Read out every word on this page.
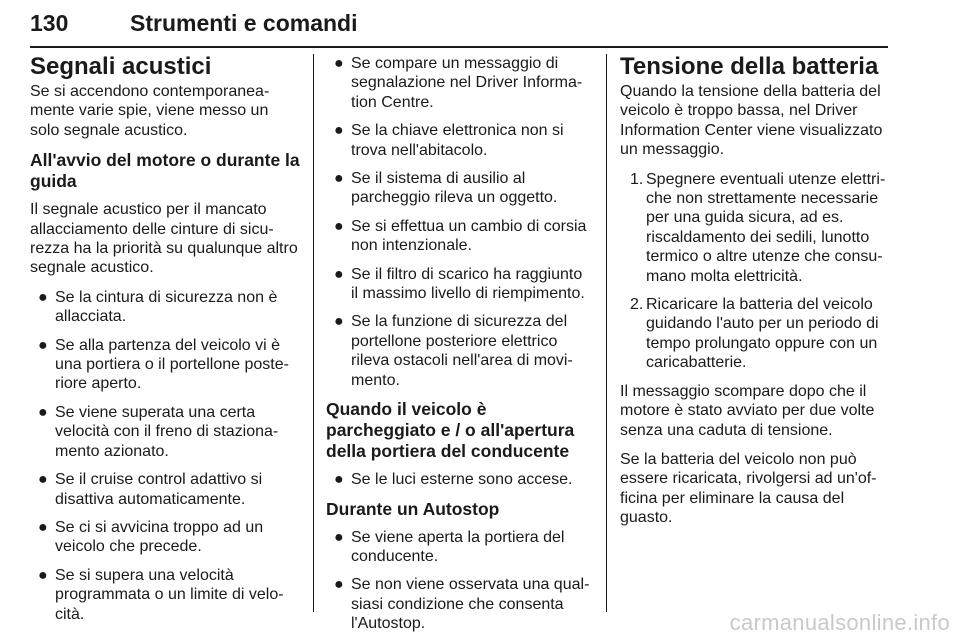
130	Strumenti e comandi
Segnali acustici

Se si accendono contemporaneamente varie spie, viene messo un solo segnale acustico.

All'avvio del motore o durante la guida

Il segnale acustico per il mancato allacciamento delle cinture di sicurezza ha la priorità su qualunque altro segnale acustico.

● Se la cintura di sicurezza non è allacciata.
● Se alla partenza del veicolo vi è una portiera o il portellone posteriore aperto.
● Se viene superata una certa velocità con il freno di stazionamento azionato.
● Se il cruise control adattivo si disattiva automaticamente.
● Se ci si avvicina troppo ad un veicolo che precede.
● Se si supera una velocità programmata o un limite di velocità.
● Se compare un messaggio di segnalazione nel Driver Information Centre.
● Se la chiave elettronica non si trova nell'abitacolo.
● Se il sistema di ausilio al parcheggio rileva un oggetto.
● Se si effettua un cambio di corsia non intenzionale.
● Se il filtro di scarico ha raggiunto il massimo livello di riempimento.
● Se la funzione di sicurezza del portellone posteriore elettrico rileva ostacoli nell'area di movimento.
Quando il veicolo è parcheggiato e / o all'apertura della portiera del conducente
● Se le luci esterne sono accese.
Durante un Autostop
● Se viene aperta la portiera del conducente.
● Se non viene osservata una qualsiasi condizione che consenta l'Autostop.
Tensione della batteria

Quando la tensione della batteria del veicolo è troppo bassa, nel Driver Information Center viene visualizzato un messaggio.

1. Spegnere eventuali utenze elettriche non strettamente necessarie per una guida sicura, ad es. riscaldamento dei sedili, lunotto termico o altre utenze che consumano molta elettricità.
2. Ricaricare la batteria del veicolo guidando l'auto per un periodo di tempo prolungato oppure con un caricabatterie.

Il messaggio scompare dopo che il motore è stato avviato per due volte senza una caduta di tensione.

Se la batteria del veicolo non può essere ricaricata, rivolgersi ad un'officina per eliminare la causa del guasto.

carmanualsonline.info
